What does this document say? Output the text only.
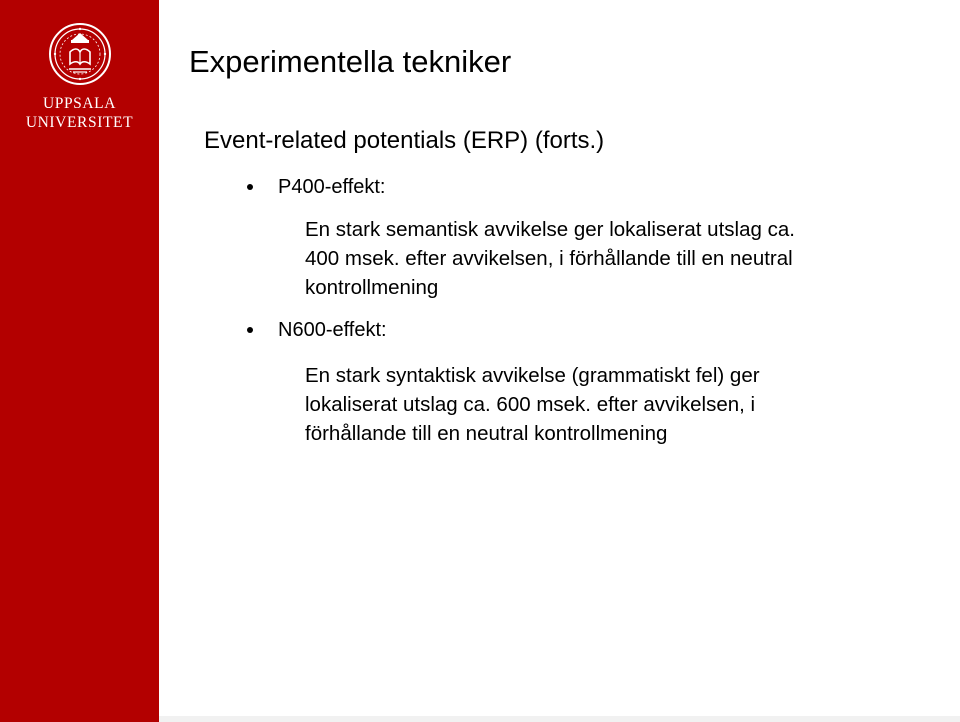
UPPSALA
UNIVERSITET
Experimentella tekniker
Event-related potentials (ERP) (forts.)
P400-effekt:

En stark semantisk avvikelse ger lokaliserat utslag ca.
400 msek. efter avvikelsen, i förhållande till en neutral
kontrollmening

N600-effekt:

En stark syntaktisk avvikelse (grammatiskt fel) ger
lokaliserat utslag ca. 600 msek. efter avvikelsen, i
förhållande till en neutral kontrollmening
